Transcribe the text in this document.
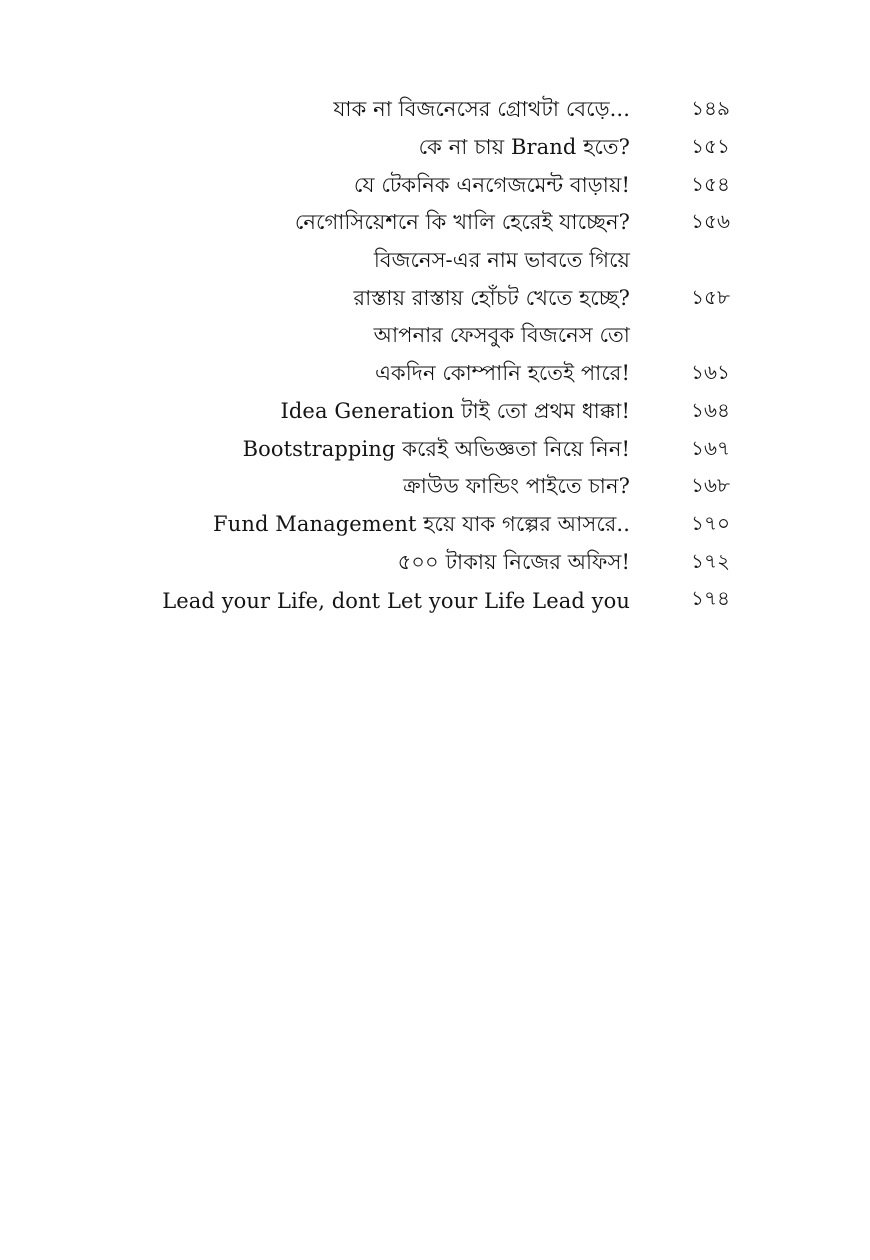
যাক না বিজনেসের গ্রোথটা বেড়ে...	১৪৯
কে না চায় Brand হতে?	১৫১
যে টেকনিক এনগেজমেন্ট বাড়ায়!	১৫৪
নেগোসিয়েশনে কি খালি হেরেই যাচ্ছেন?	১৫৬
বিজনেস-এর নাম ভাবতে গিয়ে
রাস্তায় রাস্তায় হোঁচট খেতে হচ্ছে?	১৫৮
আপনার ফেসবুক বিজনেস তো
একদিন কোম্পানি হতেই পারে!	১৬১
Idea Generation টাই তো প্রথম ধাক্কা!	১৬৪
Bootstrapping করেই অভিজ্ঞতা নিয়ে নিন!	১৬৭
ক্রাউড ফান্ডিং পাইতে চান?	১৬৮
Fund Management হয়ে যাক গল্পের আসরে..	১৭০
৫০০ টাকায় নিজের অফিস!	১৭২
Lead your Life, dont Let your Life Lead you	১৭৪
